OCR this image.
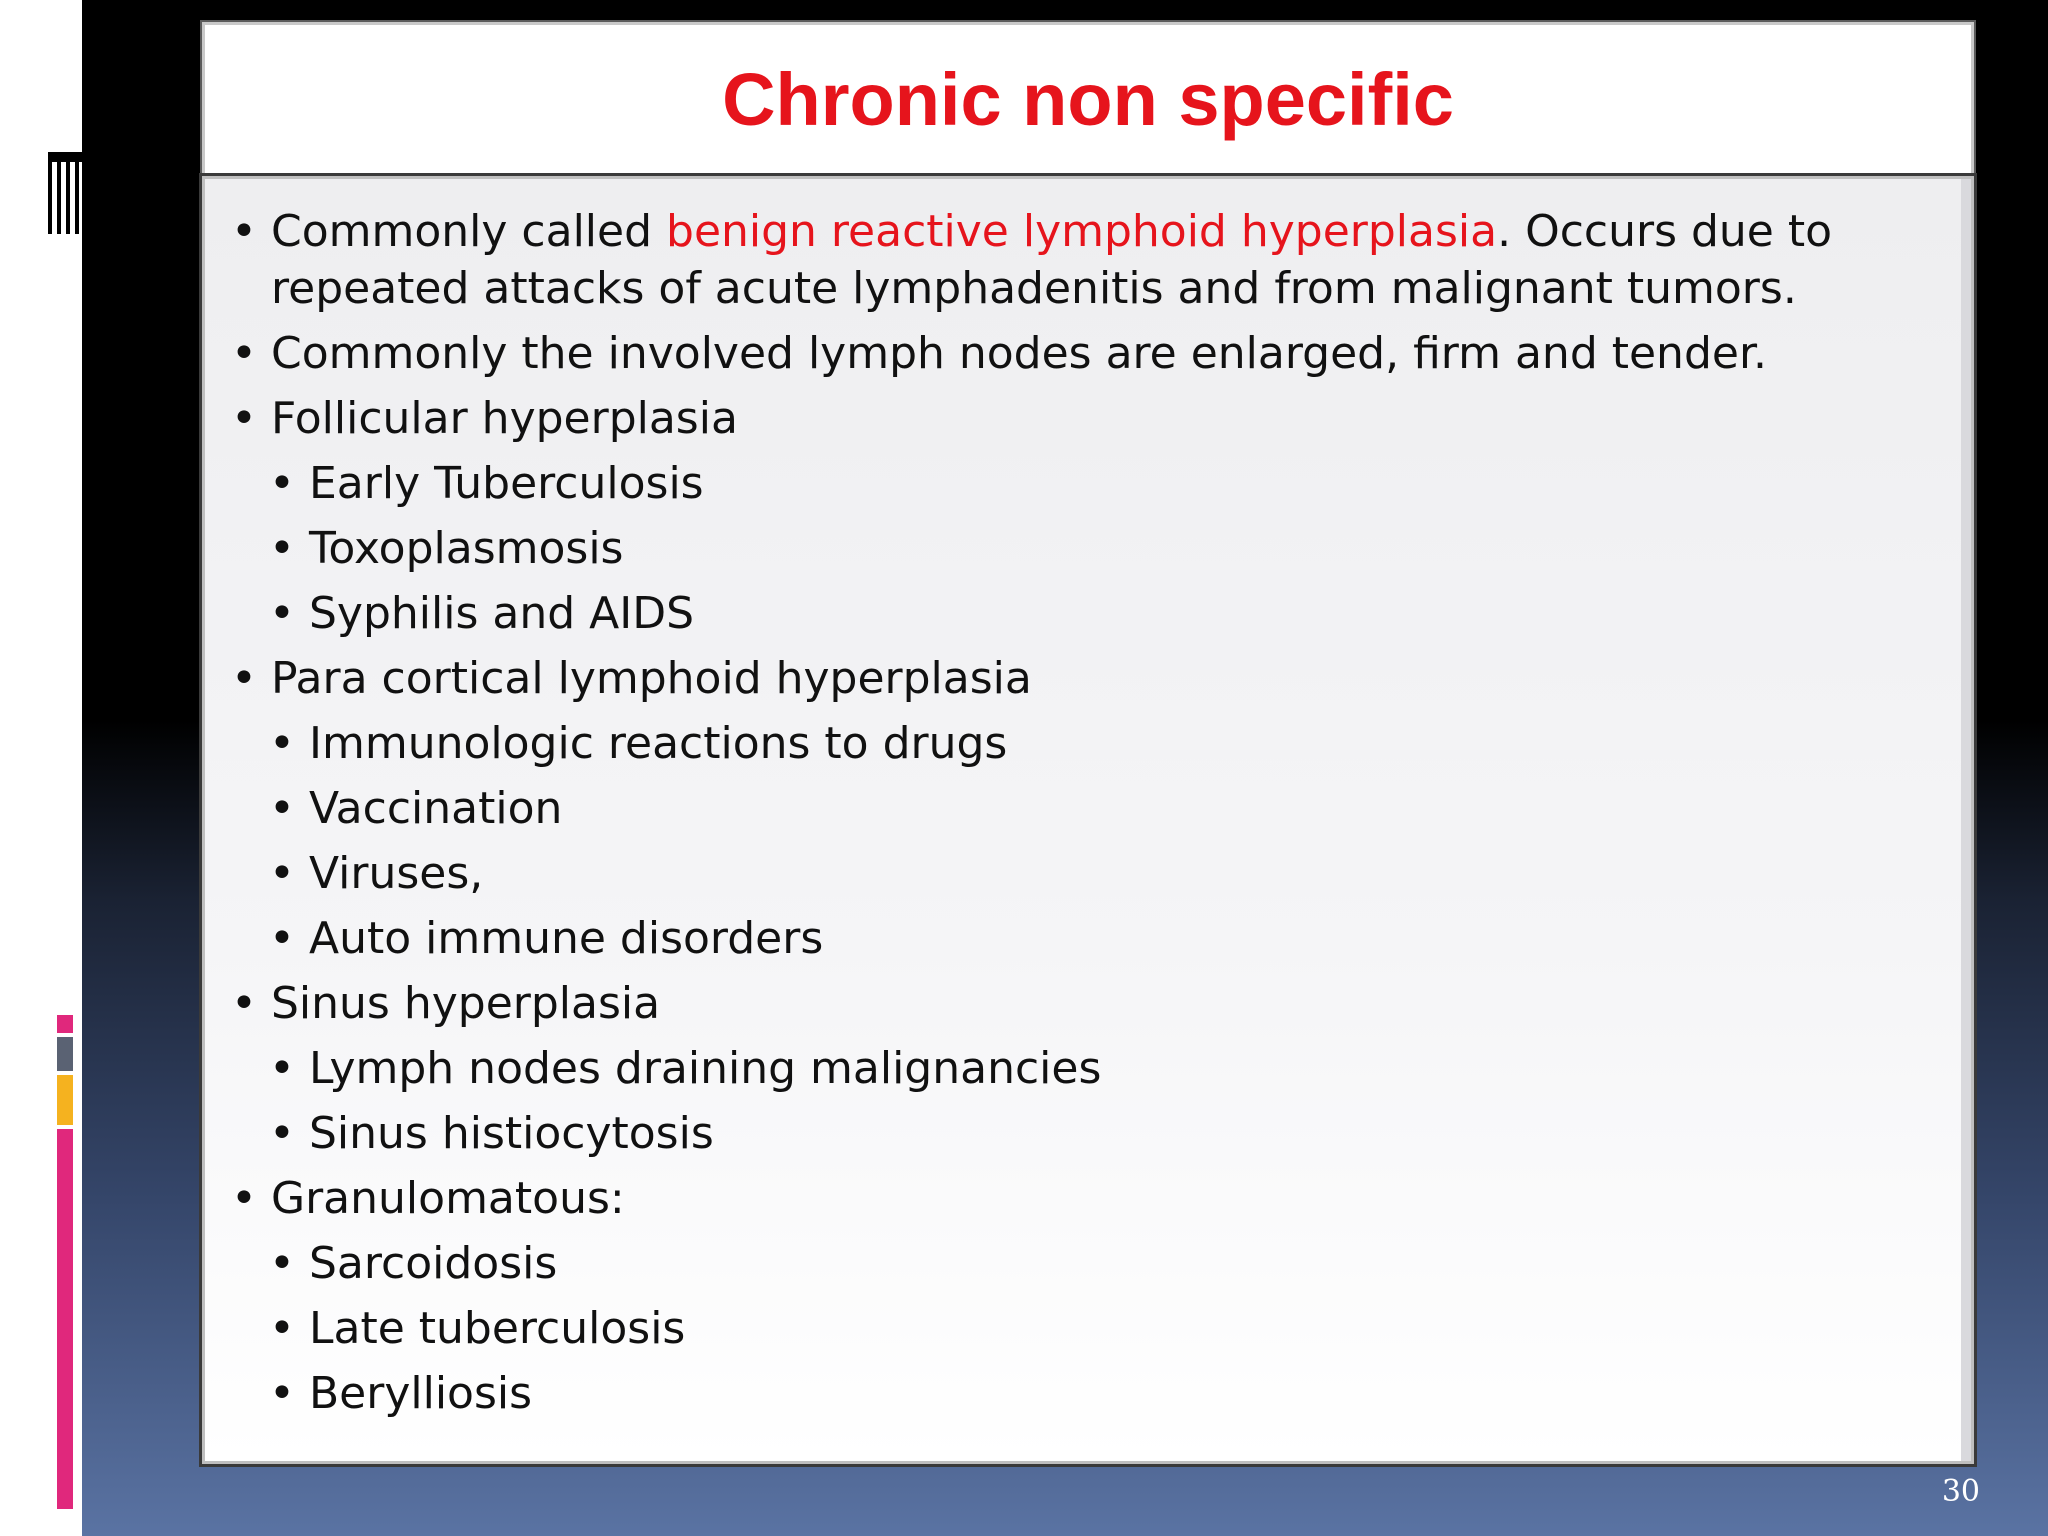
Chronic non specific
• Commonly called benign reactive lymphoid hyperplasia. Occurs due to repeated attacks of acute lymphadenitis and from malignant tumors.
• Commonly the involved lymph nodes are enlarged, firm and tender.
• Follicular hyperplasia
• Early Tuberculosis
• Toxoplasmosis
• Syphilis and AIDS
• Para cortical lymphoid hyperplasia
• Immunologic reactions to drugs
• Vaccination
• Viruses,
• Auto immune disorders
• Sinus hyperplasia
• Lymph nodes draining malignancies
• Sinus histiocytosis
• Granulomatous:
• Sarcoidosis
• Late tuberculosis
• Berylliosis
30
